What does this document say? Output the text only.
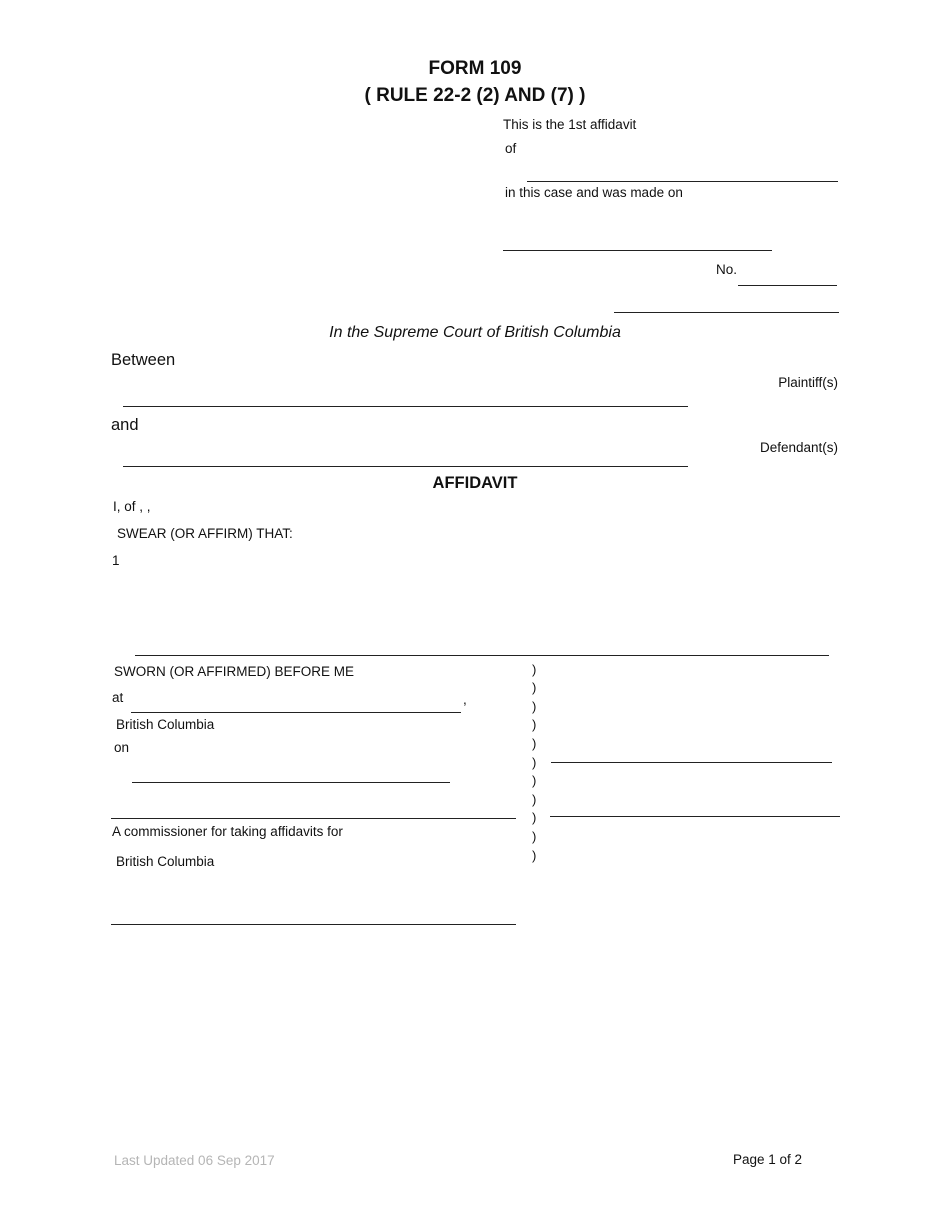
FORM 109
( RULE 22-2 (2) AND (7) )
This is the 1st affidavit
of
in this case and was made on
No.
In the Supreme Court of British Columbia
Between
Plaintiff(s)
and
Defendant(s)
AFFIDAVIT
I, of , ,
SWEAR (OR AFFIRM) THAT:
1
SWORN (OR AFFIRMED) BEFORE ME
at	,
British Columbia
on
A commissioner for taking affidavits for
British Columbia
)
)
)
)
)
)
)
)
)
)
)
Last Updated 06 Sep 2017	Page 1 of 2
